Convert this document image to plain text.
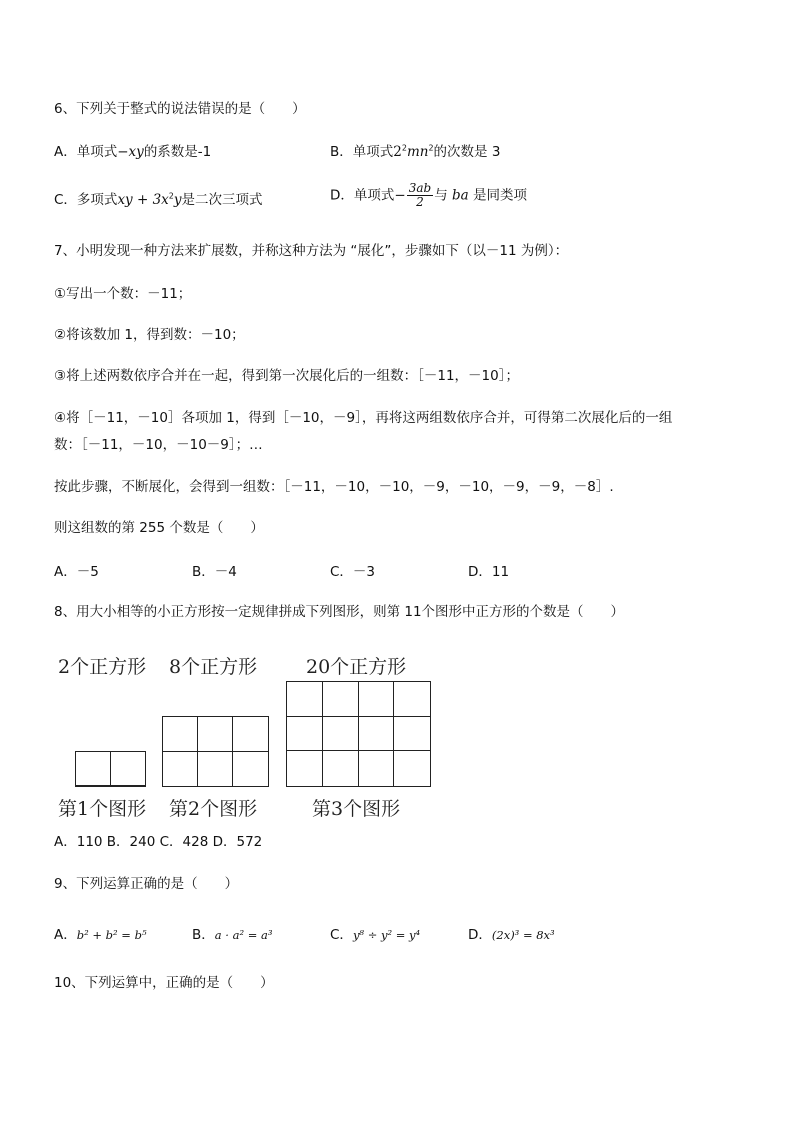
6、下列关于整式的说法错误的是（　　）
A．单项式−xy的系数是-1	B．单项式$2^2mn^2$的次数是 3
C．多项式xy + $3x^2y$是二次三项式	D．单项式− $\frac{3ab}{2}$ 与 ba 是同类项
7、小明发现一种方法来扩展数，并称这种方法为 “展化”，步骤如下（以－11 为例）：
①写出一个数：－11；
②将该数加 1，得到数：－10；
③将上述两数依序合并在一起，得到第一次展化后的一组数：［－11，－10］；
④将［－11，－10］各项加 1，得到［－10，－9］，再将这两组数依序合并，可得第二次展化后的一组
数：［－11，－10，－10－9］；…
按此步骤，不断展化，会得到一组数：［－11，－10，－10，－9，－10，－9，－9，－8］.
则这组数的第 255 个数是（　　）
A．－5	B．－4	C．－3	D．11
8、用大小相等的小正方形按一定规律拼成下列图形，则第 11个图形中正方形的个数是（　　）
2个正方形 8个正方形	20个正方形
第1个图形 第2个图形	第3个图形
A．110 B．240 C．428 D．572
9、下列运算正确的是（　　）
A．b² + b² = b⁵	B．a · a² = a³	C．y⁸ ÷ y² = y⁴	D．(2x)³ = 8x³
10、下列运算中，正确的是（　　）
